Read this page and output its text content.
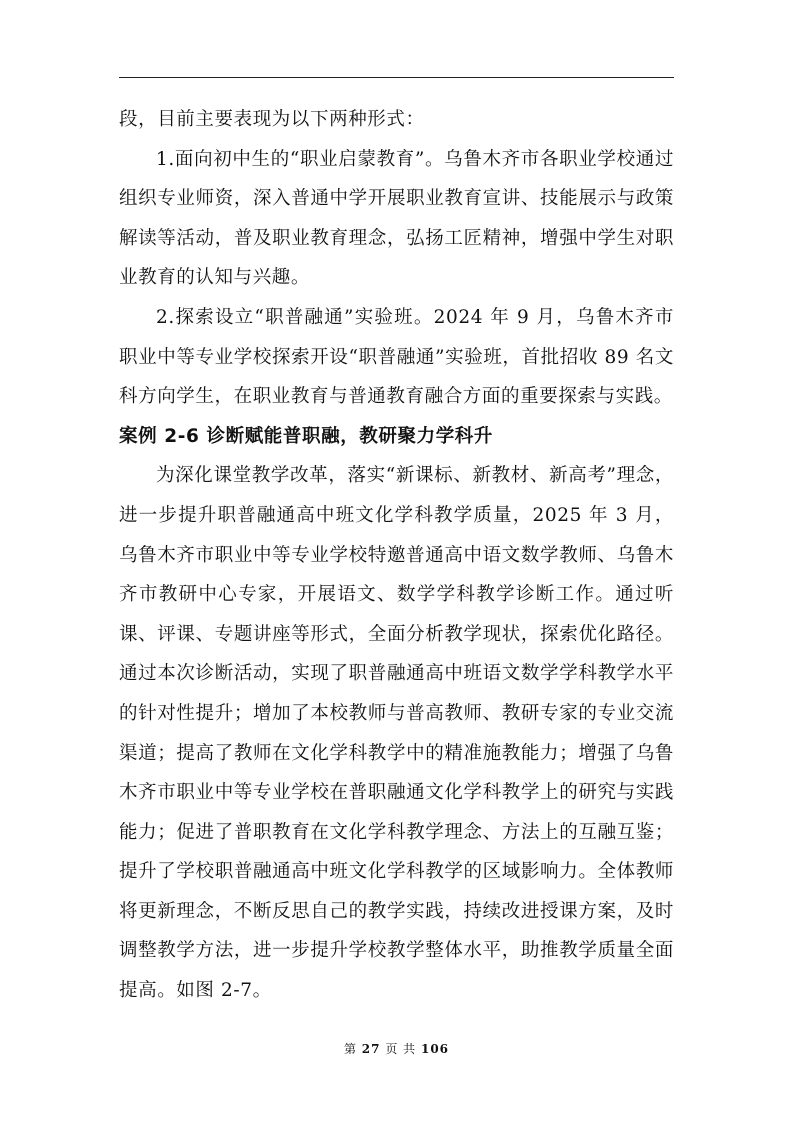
段，目前主要表现为以下两种形式：

1.面向初中生的“职业启蒙教育”。乌鲁木齐市各职业学校通过组织专业师资，深入普通中学开展职业教育宣讲、技能展示与政策解读等活动，普及职业教育理念，弘扬工匠精神，增强中学生对职业教育的认知与兴趣。

2.探索设立“职普融通”实验班。2024 年 9 月，乌鲁木齐市职业中等专业学校探索开设“职普融通”实验班，首批招收 89 名文科方向学生，在职业教育与普通教育融合方面的重要探索与实践。

案例 2-6 诊断赋能普职融，教研聚力学科升

为深化课堂教学改革，落实“新课标、新教材、新高考”理念，进一步提升职普融通高中班文化学科教学质量，2025 年 3 月，乌鲁木齐市职业中等专业学校特邀普通高中语文数学教师、乌鲁木齐市教研中心专家，开展语文、数学学科教学诊断工作。通过听课、评课、专题讲座等形式，全面分析教学现状，探索优化路径。通过本次诊断活动，实现了职普融通高中班语文数学学科教学水平的针对性提升；增加了本校教师与普高教师、教研专家的专业交流渠道；提高了教师在文化学科教学中的精准施教能力；增强了乌鲁木齐市职业中等专业学校在普职融通文化学科教学上的研究与实践能力；促进了普职教育在文化学科教学理念、方法上的互融互鉴；提升了学校职普融通高中班文化学科教学的区域影响力。全体教师将更新理念，不断反思自己的教学实践，持续改进授课方案，及时调整教学方法，进一步提升学校教学整体水平，助推教学质量全面提高。如图 2-7。

第 27 页 共 106
